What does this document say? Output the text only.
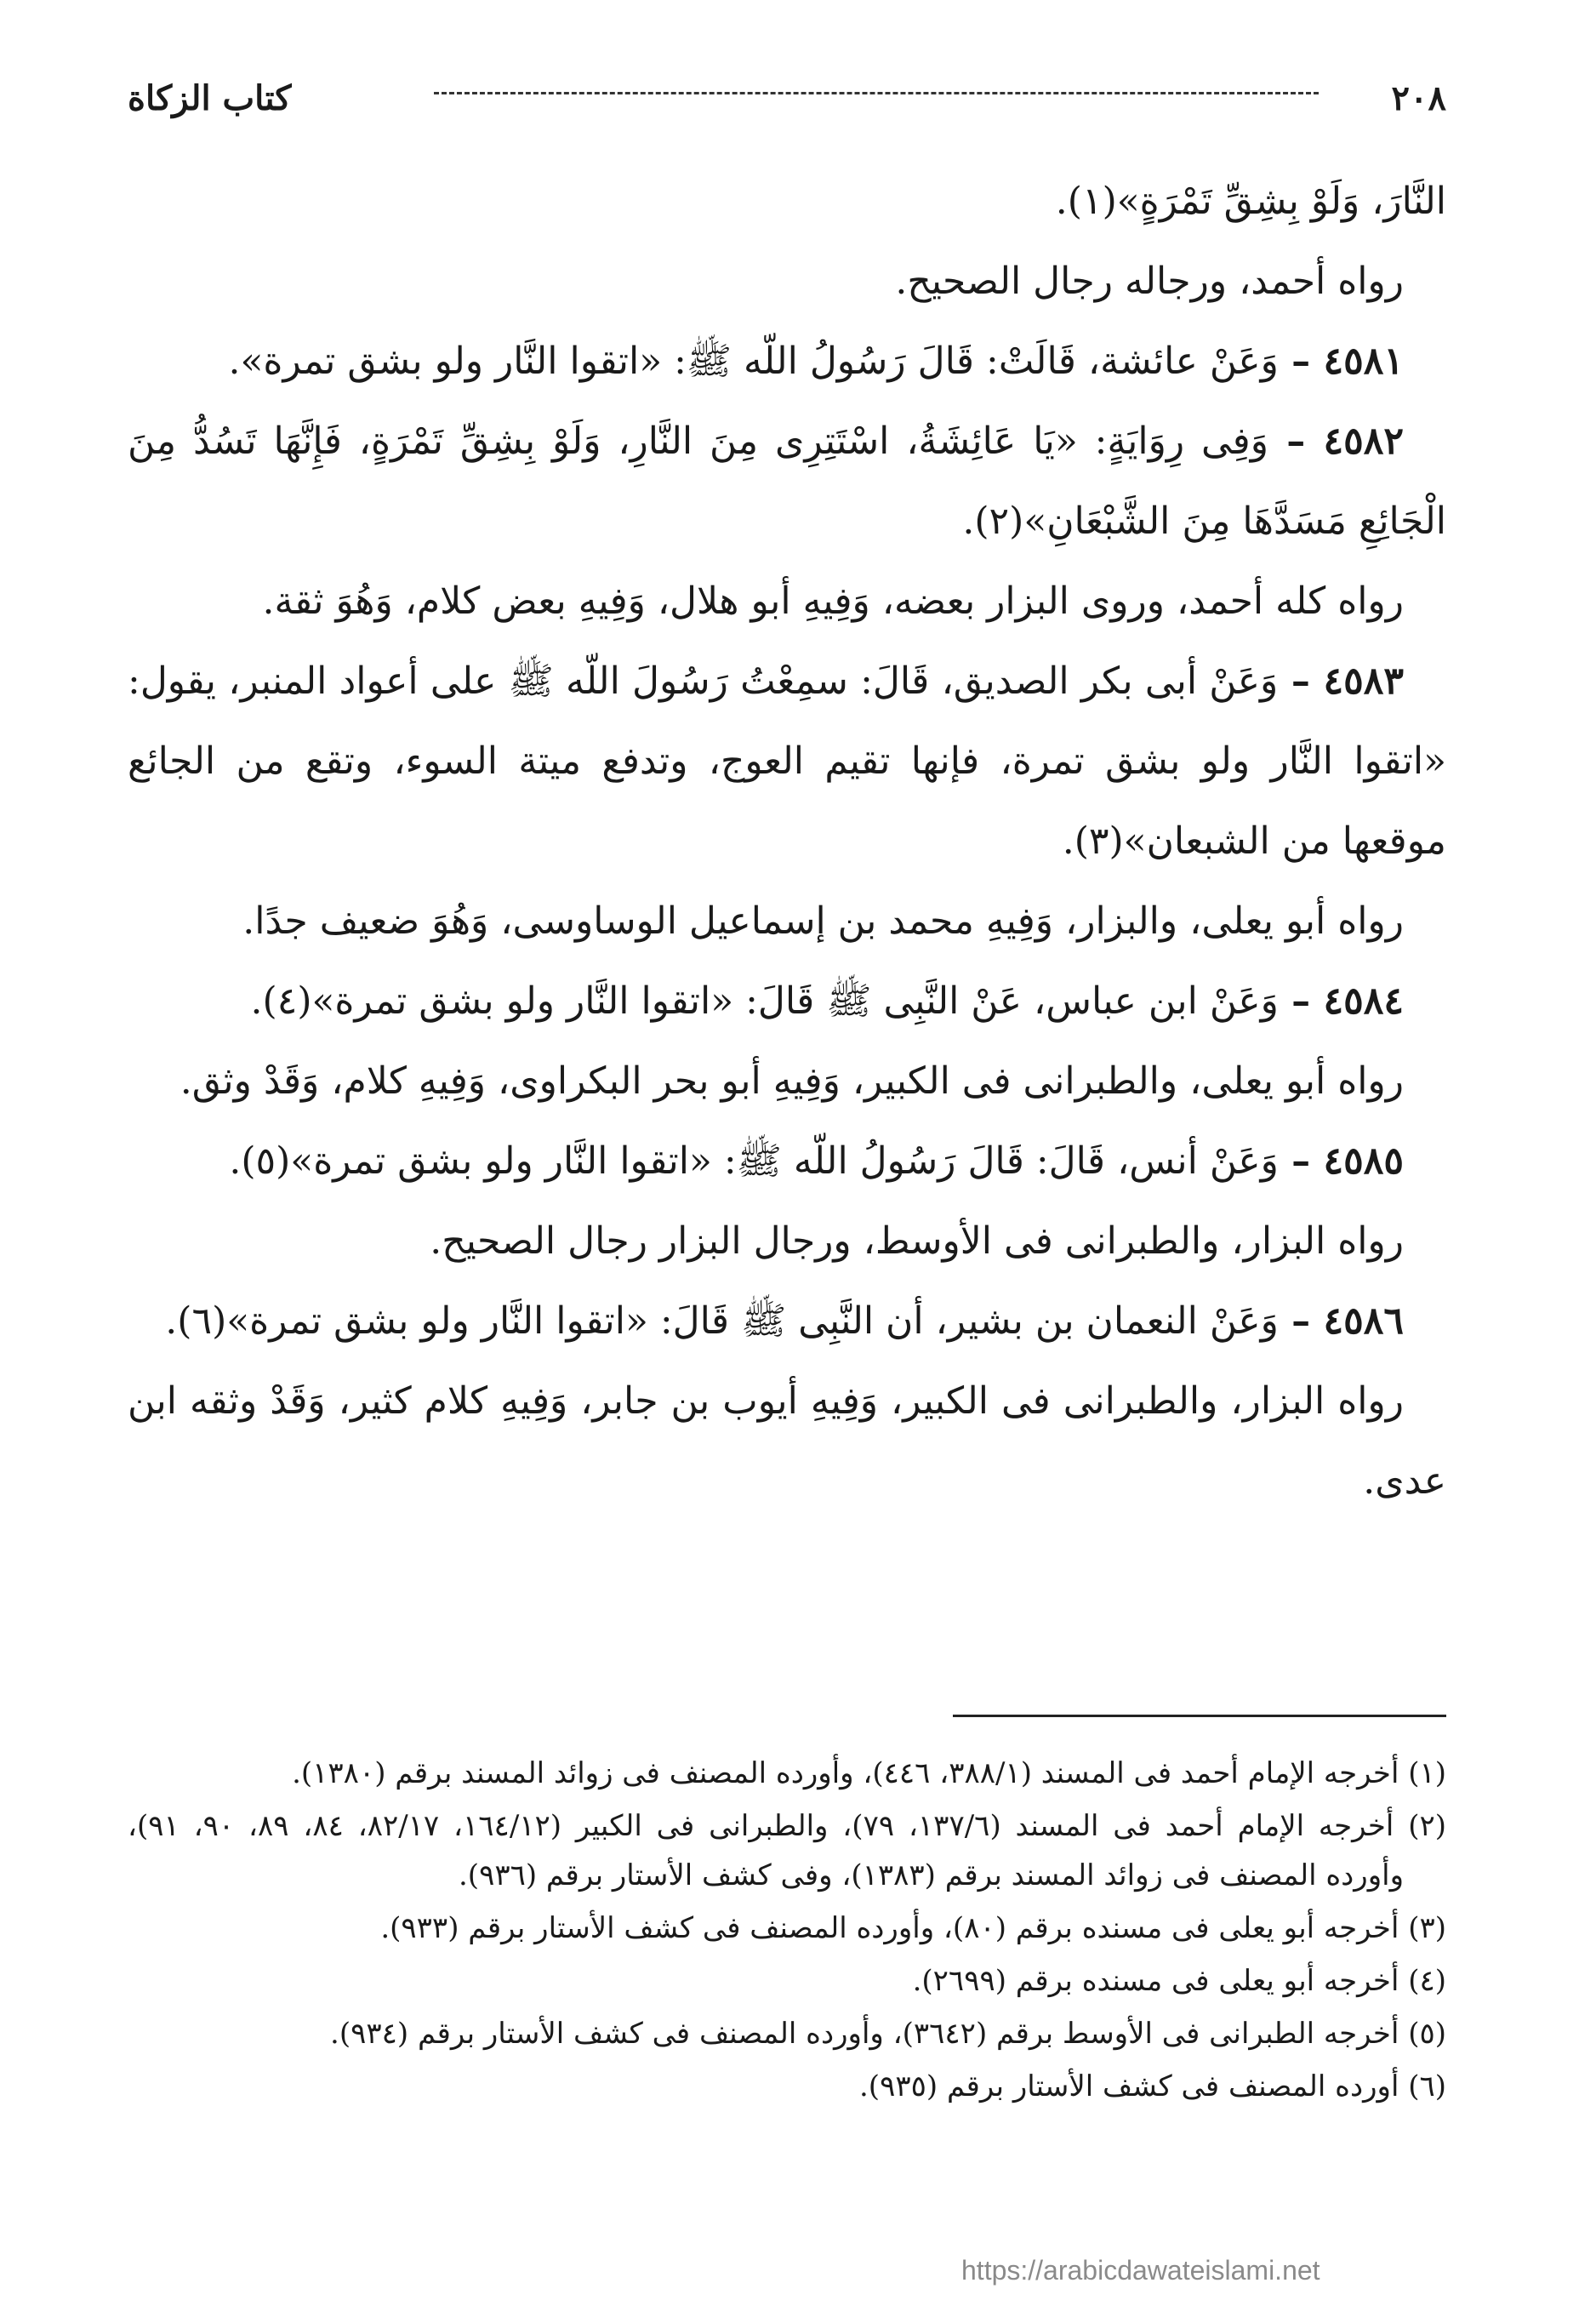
٢٠٨
كتاب الزكاة

النَّارَ، وَلَوْ بِشِقِّ تَمْرَةٍ»(١).

رواه أحمد، ورجاله رجال الصحيح.

٤٥٨١ – وَعَنْ عائشة، قَالَتْ: قَالَ رَسُولُ اللّه ﷺ: «اتقوا النَّار ولو بشق تمرة».

٤٥٨٢ – وَفِى رِوَايَةٍ: «يَا عَائِشَةُ، اسْتَتِرِى مِنَ النَّارِ، وَلَوْ بِشِقِّ تَمْرَةٍ، فَإِنَّهَا تَسُدُّ مِنَ الْجَائِعِ مَسَدَّهَا مِنَ الشَّبْعَانِ»(٢).

رواه كله أحمد، وروى البزار بعضه، وَفِيهِ أبو هلال، وَفِيهِ بعض كلام، وَهُوَ ثقة.

٤٥٨٣ – وَعَنْ أبى بكر الصديق، قَالَ: سمِعْتُ رَسُولَ اللّه ﷺ على أعواد المنبر، يقول: «اتقوا النَّار ولو بشق تمرة، فإنها تقيم العوج، وتدفع ميتة السوء، وتقع من الجائع موقعها من الشبعان»(٣).

رواه أبو يعلى، والبزار، وَفِيهِ محمد بن إسماعيل الوساوسى، وَهُوَ ضعيف جدًا.

٤٥٨٤ – وَعَنْ ابن عباس، عَنْ النَّبِى ﷺ قَالَ: «اتقوا النَّار ولو بشق تمرة»(٤).

رواه أبو يعلى، والطبرانى فى الكبير، وَفِيهِ أبو بحر البكراوى، وَفِيهِ كلام، وَقَدْ وثق.

٤٥٨٥ – وَعَنْ أنس، قَالَ: قَالَ رَسُولُ اللّه ﷺ: «اتقوا النَّار ولو بشق تمرة»(٥).

رواه البزار، والطبرانى فى الأوسط، ورجال البزار رجال الصحيح.

٤٥٨٦ – وَعَنْ النعمان بن بشير، أن النَّبِى ﷺ قَالَ: «اتقوا النَّار ولو بشق تمرة»(٦).

رواه البزار، والطبرانى فى الكبير، وَفِيهِ أيوب بن جابر، وَفِيهِ كلام كثير، وَقَدْ وثقه ابن عدى.

(١) أخرجه الإمام أحمد فى المسند (٣٨٨/١، ٤٤٦)، وأورده المصنف فى زوائد المسند برقم (١٣٨٠).

(٢) أخرجه الإمام أحمد فى المسند (١٣٧/٦، ٧٩)، والطبرانى فى الكبير (١٦٤/١٢، ٨٢/١٧، ٨٤، ٨٩، ٩٠، ٩١)، وأورده المصنف فى زوائد المسند برقم (١٣٨٣)، وفى كشف الأستار برقم (٩٣٦).

(٣) أخرجه أبو يعلى فى مسنده برقم (٨٠)، وأورده المصنف فى كشف الأستار برقم (٩٣٣).

(٤) أخرجه أبو يعلى فى مسنده برقم (٢٦٩٩).

(٥) أخرجه الطبرانى فى الأوسط برقم (٣٦٤٢)، وأورده المصنف فى كشف الأستار برقم (٩٣٤).

(٦) أورده المصنف فى كشف الأستار برقم (٩٣٥).

https://arabicdawateislami.net
